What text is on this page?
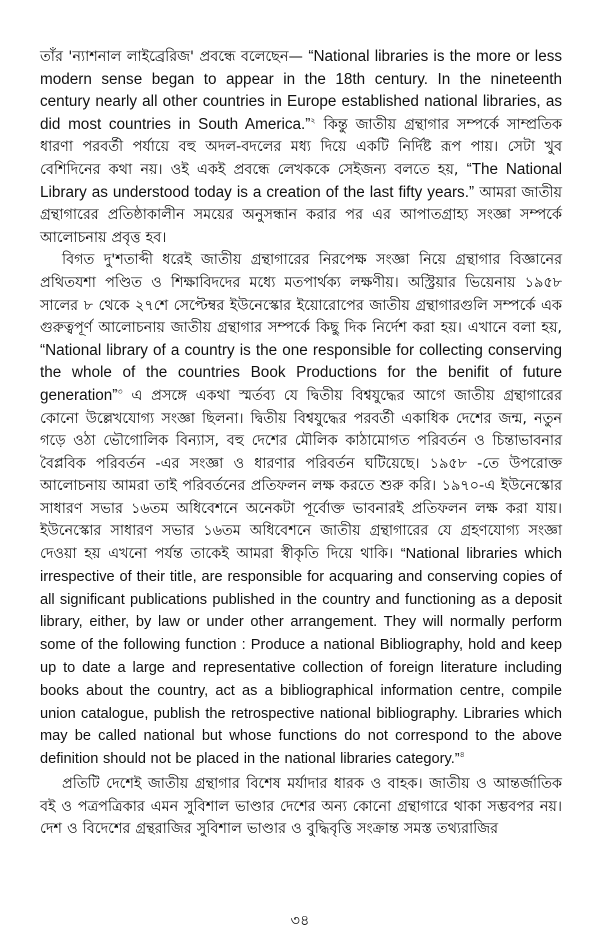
তাঁর 'ন্যাশনাল লাইব্রেরিজ' প্রবন্ধে বলেছেন— “National libraries is the more or less modern sense began to appear in the 18th century. In the nineteenth century nearly all other countries in Europe established national libraries, as did most countries in South America.”$^২$ কিন্তু জাতীয় গ্রন্থাগার সম্পর্কে সাম্প্রতিক ধারণা পরবর্তী পর্যায়ে বহু অদল-বদলের মধ্য দিয়ে একটি নির্দিষ্ট রূপ পায়। সেটা খুব বেশিদিনের কথা নয়। ওই একই প্রবন্ধে লেখককে সেইজন্য বলতে হয়, “The National Library as understood today is a creation of the last fifty years.” আমরা জাতীয় গ্রন্থাগারের প্রতিষ্ঠাকালীন সময়ের অনুসন্ধান করার পর এর আপাতগ্রাহ্য সংজ্ঞা সম্পর্কে আলোচনায় প্রবৃত্ত হব।

বিগত দু'শতাব্দী ধরেই জাতীয় গ্রন্থাগারের নিরপেক্ষ সংজ্ঞা নিয়ে গ্রন্থাগার বিজ্ঞানের প্রথিতযশা পণ্ডিত ও শিক্ষাবিদদের মধ্যে মতপার্থক্য লক্ষণীয়। অস্ট্রিয়ার ভিয়েনায় ১৯৫৮ সালের ৮ থেকে ২৭শে সেপ্টেম্বর ইউনেস্কোর ইয়োরোপের জাতীয় গ্রন্থাগারগুলি সম্পর্কে এক গুরুত্বপূর্ণ আলোচনায় জাতীয় গ্রন্থাগার সম্পর্কে কিছু দিক নির্দেশ করা হয়। এখানে বলা হয়, “National library of a country is the one responsible for collecting conserving the whole of the countries Book Productions for the benifit of future generation”$^৩$ এ প্রসঙ্গে একথা স্মর্তব্য যে দ্বিতীয় বিশ্বযুদ্ধের আগে জাতীয় গ্রন্থাগারের কোনো উল্লেখযোগ্য সংজ্ঞা ছিলনা। দ্বিতীয় বিশ্বযুদ্ধের পরবর্তী একাধিক দেশের জন্ম, নতুন গড়ে ওঠা ভৌগোলিক বিন্যাস, বহু দেশের মৌলিক কাঠামোগত পরিবর্তন ও চিন্তাভাবনার বৈপ্লবিক পরিবর্তন -এর সংজ্ঞা ও ধারণার পরিবর্তন ঘটিয়েছে। ১৯৫৮ -তে উপরোক্ত আলোচনায় আমরা তাই পরিবর্তনের প্রতিফলন লক্ষ করতে শুরু করি। ১৯৭০-এ ইউনেস্কোর সাধারণ সভার ১৬তম অধিবেশনে অনেকটা পূর্বোক্ত ভাবনারই প্রতিফলন লক্ষ করা যায়। ইউনেস্কোর সাধারণ সভার ১৬তম অধিবেশনে জাতীয় গ্রন্থাগারের যে গ্রহণযোগ্য সংজ্ঞা দেওয়া হয় এখনো পর্যন্ত তাকেই আমরা স্বীকৃতি দিয়ে থাকি। “National libraries which irrespective of their title, are responsible for acquaring and conserving copies of all significant publications published in the country and functioning as a deposit library, either, by law or under other arrangement. They will normally perform some of the following function : Produce a national Bibliography, hold and keep up to date a large and representative collection of foreign literature including books about the country, act as a bibliographical information centre, compile union catalogue, publish the retrospective national bibliography. Libraries which may be called national but whose functions do not correspond to the above definition should not be placed in the national libraries category.”$^৪$

প্রতিটি দেশেই জাতীয় গ্রন্থাগার বিশেষ মর্যাদার ধারক ও বাহক। জাতীয় ও আন্তর্জাতিক বই ও পত্রপত্রিকার এমন সুবিশাল ভাণ্ডার দেশের অন্য কোনো গ্রন্থাগারে থাকা সম্ভবপর নয়। দেশ ও বিদেশের গ্রন্থরাজির সুবিশাল ভাণ্ডার ও বুদ্ধিবৃত্তি সংক্রান্ত সমস্ত তথ্যরাজির

৩৪
